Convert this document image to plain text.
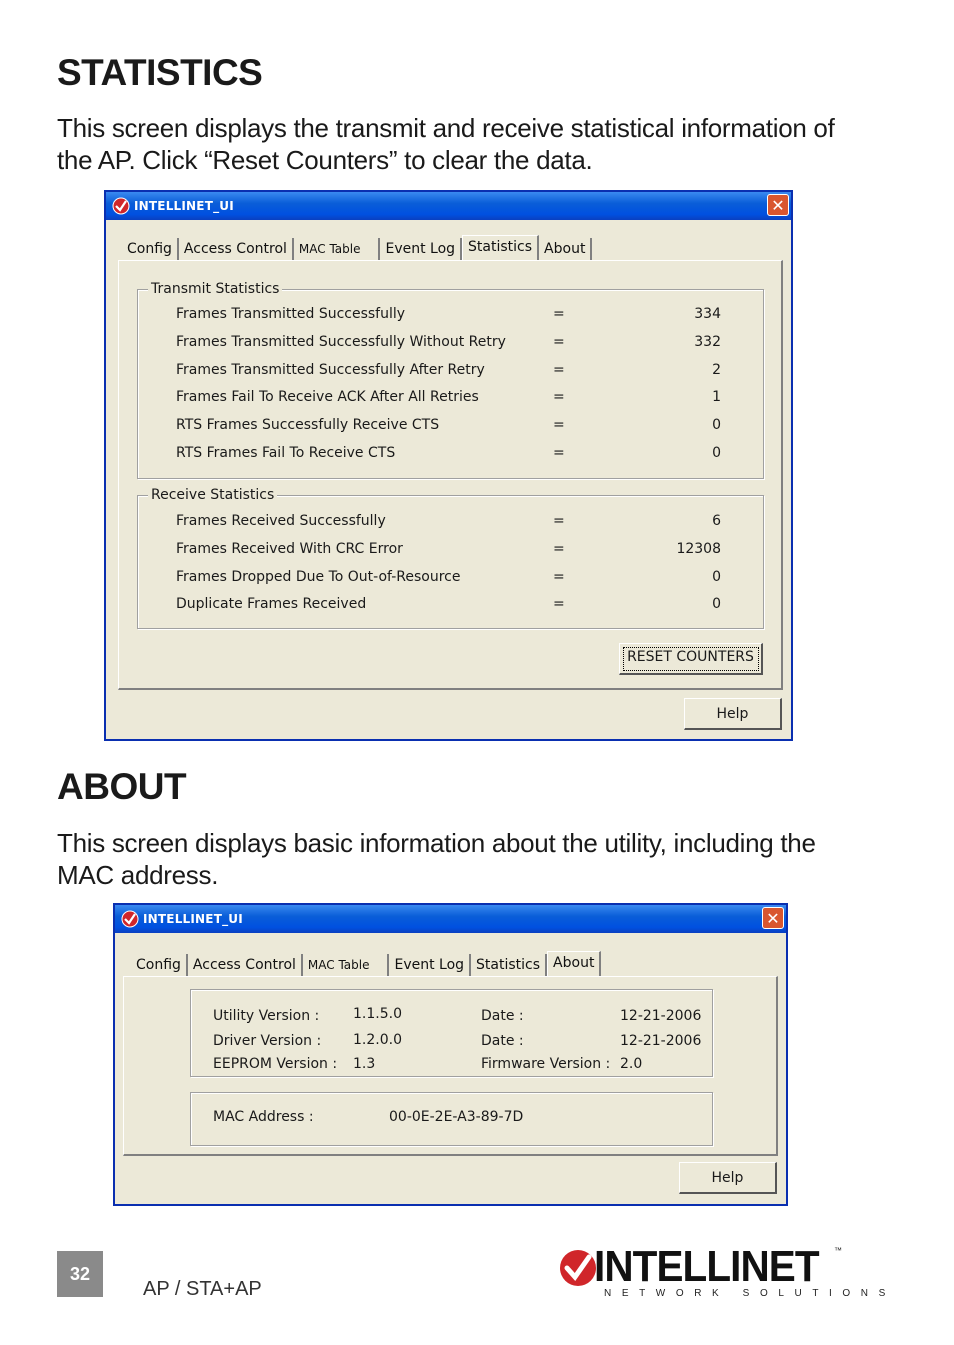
STATISTICS

This screen displays the transmit and receive statistical information of the AP. Click “Reset Counters” to clear the data.

INTELLINET_UI	✕
Config Access Control	MAC Table	Event Log Statistics About
Transmit Statistics
Frames Transmitted Successfully	=	334
Frames Transmitted Successfully Without Retry	=	332
Frames Transmitted Successfully After Retry	=	2
Frames Fail To Receive ACK After All Retries	=	1
RTS Frames Successfully Receive CTS	=	0
RTS Frames Fail To Receive CTS	=	0
Receive Statistics
Frames Received Successfully	=	6
Frames Received With CRC Error	=	12308
Frames Dropped Due To Out-of-Resource	=	0
Duplicate Frames Received	=	0
RESET COUNTERS
Help
ABOUT

This screen displays basic information about the utility, including the MAC address.

INTELLINET_UI	✕
Config Access Control	MAC Table	Event Log Statistics About
Utility Version : 1.1.5.0	Date :	12-21-2006
Driver Version : 1.2.0.0	Date :	12-21-2006
EEPROM Version : 1.3	Firmware Version : 2.0
MAC Address :	00-0E-2E-A3-89-7D
Help
32
AP / STA+AP	INTELLINET ™
NETWORK SOLUTIONS
